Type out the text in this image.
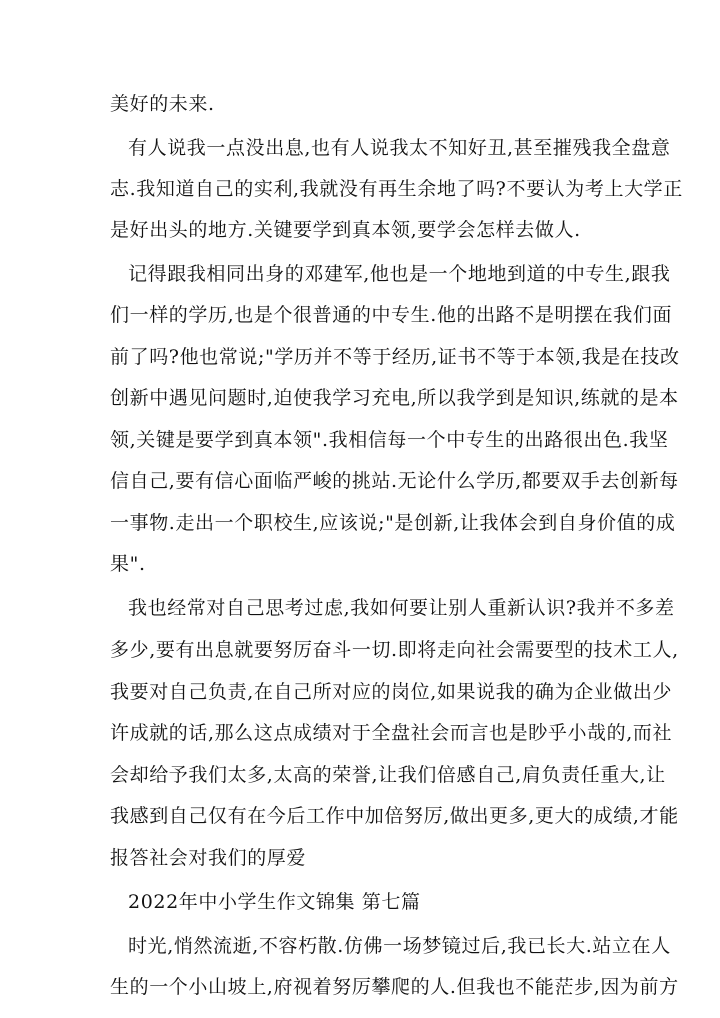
美好的未来.
有人说我一点没出息,也有人说我太不知好丑,甚至摧残我全盘意
志.我知道自己的实利,我就没有再生余地了吗?不要认为考上大学正
是好出头的地方.关键要学到真本领,要学会怎样去做人.
记得跟我相同出身的邓建军,他也是一个地地到道的中专生,跟我
们一样的学历,也是个很普通的中专生.他的出路不是明摆在我们面
前了吗?他也常说;"学历并不等于经历,证书不等于本领,我是在技改
创新中遇见问题时,迫使我学习充电,所以我学到是知识,练就的是本
领,关键是要学到真本领".我相信每一个中专生的出路很出色.我坚
信自己,要有信心面临严峻的挑站.无论什么学历,都要双手去创新每
一事物.走出一个职校生,应该说;"是创新,让我体会到自身价值的成
果".
我也经常对自己思考过虑,我如何要让别人重新认识?我并不多差
多少,要有出息就要努厉奋斗一切.即将走向社会需要型的技术工人,
我要对自己负责,在自己所对应的岗位,如果说我的确为企业做出少
许成就的话,那么这点成绩对于全盘社会而言也是眇乎小哉的,而社
会却给予我们太多,太高的荣誉,让我们倍感自己,肩负责任重大,让
我感到自己仅有在今后工作中加倍努厉,做出更多,更大的成绩,才能
报答社会对我们的厚爱
2022年中小学生作文锦集 第七篇
时光,悄然流逝,不容朽散.仿佛一场梦镜过后,我已长大.站立在人
生的一个小山坡上,府视着努厉攀爬的人.但我也不能茫步,因为前方
